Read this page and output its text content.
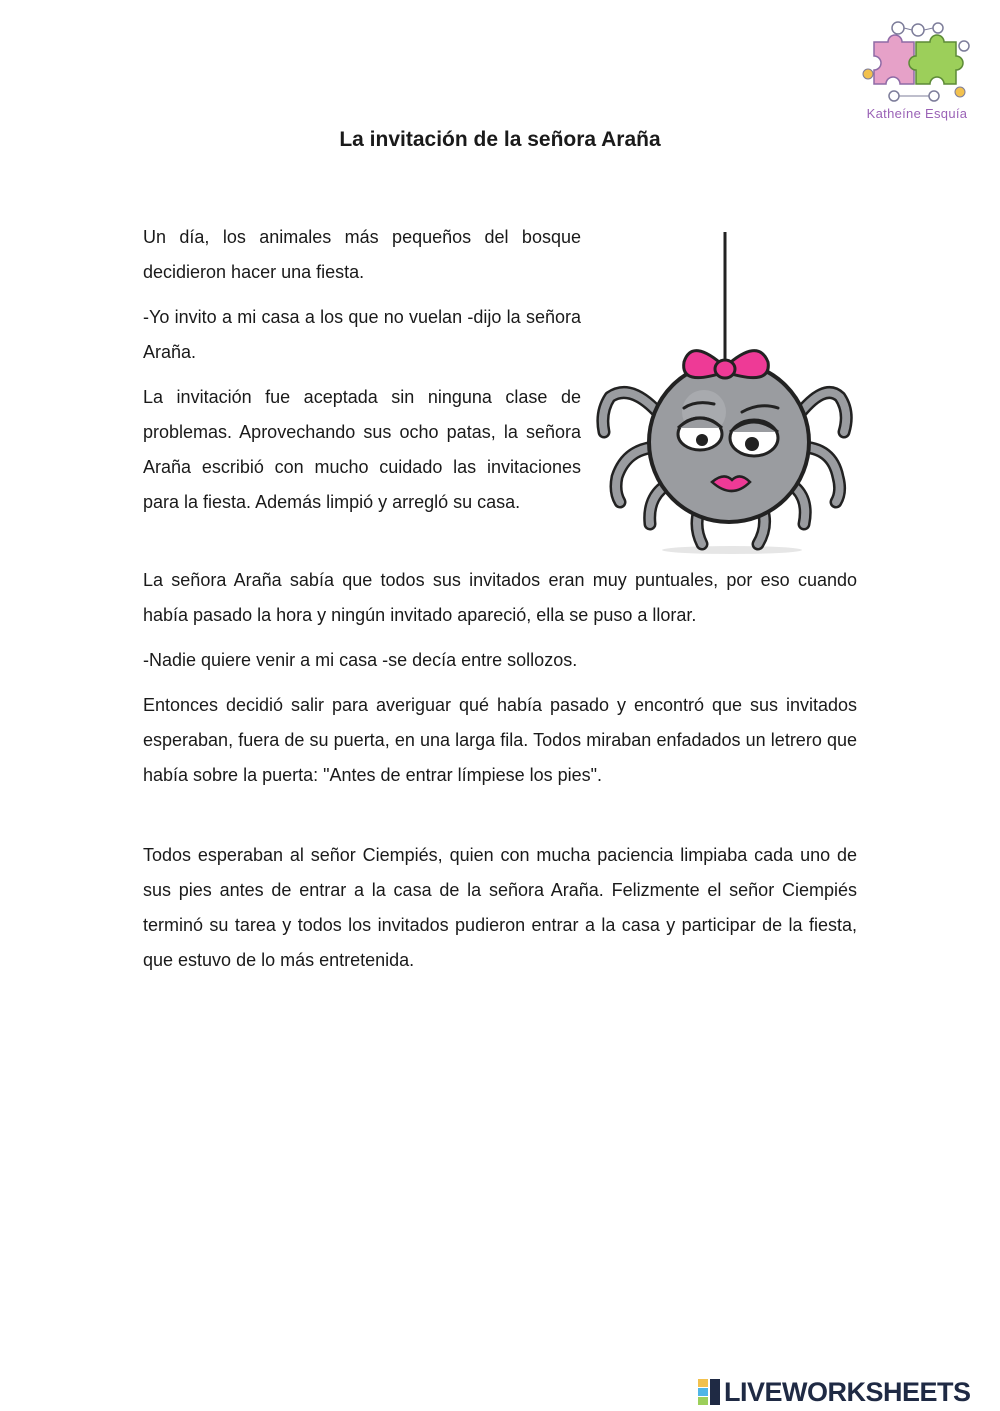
Katheíne Esquía
La invitación de la señora Araña

Un día, los animales más pequeños del bosque decidieron hacer una fiesta.

-Yo invito a mi casa a los que no vuelan -dijo la señora Araña.

La invitación fue aceptada sin ninguna clase de problemas. Aprovechando sus ocho patas, la señora Araña escribió con mucho cuidado las invitaciones para la fiesta. Además limpió y arregló su casa.

La señora Araña sabía que todos sus invitados eran muy puntuales, por eso cuando había pasado la hora y ningún invitado apareció, ella se puso a llorar.

-Nadie quiere venir a mi casa -se decía entre sollozos.

Entonces decidió salir para averiguar qué había pasado y encontró que sus invitados esperaban, fuera de su puerta, en una larga fila. Todos miraban enfadados un letrero que había sobre la puerta: "Antes de entrar límpiese los pies".

Todos esperaban al señor Ciempiés, quien con mucha paciencia limpiaba cada uno de sus pies antes de entrar a la casa de la señora Araña. Felizmente el señor Ciempiés terminó su tarea y todos los invitados pudieron entrar a la casa y participar de la fiesta, que estuvo de lo más entretenida.

LIVEWORKSHEETS
